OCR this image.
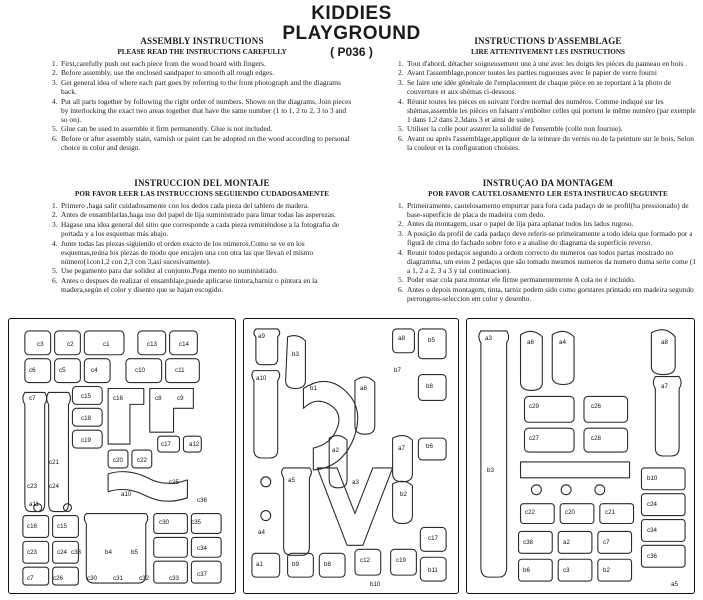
KIDDIES
PLAYGROUND
( P036 )
ASSEMBLY INSTRUCTIONS
PLEASE READ THE INSTRUCTIONS CAREFULLY
First,carefully push out each piece from the wood board with fingers.
Before assembly, use the enclosed sandpaper to smooth all rough edges.
Get general idea of where each part goes by referring to the front photograph and the diagrams back.
Put all parts together by following the right order of numbers. Shown on the diagrams, Join pieces by interlocking the exact two areas together that have the same number (1 to 1, 2 to 2, 3 to 3 and so on).
Glue can be used to assemble it firm permanently. Glue is not included.
Before or after assembly stain, varnish or paint can be adopted on the wood according to personal choice in color and design.
INSTRUCCION DEL MONTAJE
POR FAVOR LEER LAS INSTRUCCIONS SEGUIENDO CUDADOSAMENTE
Primero ,haga salir cuidadosamente con los dedos cada pieza del tablero de madera.
Antes de ensamblarlas,haga uso del papel de lija suministrado para limar todas las asperezas.
Hagase una idea general del sitio que corresponde a cada pieza remitiéndose a la fotografia de portada y a los esquemas más abajo.
Junte todas las piezas siguiendo el orden exacto de los números.Como se ve en los esquemas,reúna los piezas de modo que encajen una con otra las que llevan el mismo número(1con1,2 con 2,3 con 3,así sucesivamente).
Use pegamento para dar solidez al conjunto.Pega mento no suministrado.
Antes o despues de realizar el ensamblaje,puede aplicarse tintura,barniz o pintura en la madera,según el color y disento que se hajan escogido.
INSTRUCTIONS D'ASSEMBLAGE
LIRE ATTENTIVEMENT LES INSTRUCTIONS
Tout d'abord, détacher soigneusement une à une avec les doigts les pièces du panneau en bois .
Avant l'assemblage,poncer toutes les parties rugueuses avec le papier de verre fourni
Se faire une idée générale de l'emplacement de chaque pièce en se reportant à la photo de couverture et aux shémas ci-dessous.
Réunir toutes les pièces en suivant l'ordre normal des numéros. Comme indiqué sur les shémas,assemble les pièces en faisant s'emboîter celles qui portent le même numéro (par exemple 1 dans 1,2 dans 2,3dans 3 et ainsi de suite).
Utiliser la colle pour assurer la solidité de l'ensemble (colle non fournie).
Avant ou après l'assemblage,appliquer de la teinture du vernis ou de la peinture sur le bois, Selon la couleur et la configuration choisies.
INSTRUÇAO DA MONTAGEM
POR FAVOR CAUTELOSAMENTO LER ESTA INSTRUCAO SEGUINTE
Primeiramente, cautelosamento empurrar para fora cada padaço de se profil(ha pressionado) de base-superficie de placa de madeira com dedo.
Antes da montagem, usar o papel de lija para aplanar todos lus lados rugoso.
A posição da profil de cada padaço deve referir-se primeiramente a todo ideia que formado por a figurã de cima do fachado sobre foto e a analise do diagrama da superficie reverso.
Reunir todos pedaços segundo a ordem correcto do numeros oas todos partas mostrado no diagramma, um estos 2 pedaços que são tomado mesmos numeros da numero duma serie come (1 a 1, 2 a 2, 3 a 3 y tal continuacion).
Poder usar cola para montar ele firme permanentemente A cola no é incluido.
Antes o depois montagem, tinta, tarniz podem sido como gorstares printado em madeira segundo perrongens-seleccion em color y desenho.
c3	c2	c1	c13	c14
c6	c5	c4	c10	c11
c7	c15
c18
c19
c16	c8 c9
c20 c22
c21
c17	a12
c24
c23
a11
a10
c25
c16	c15
c35
c30
c23	c24 c38	b4	b5
c34
c7	c26	c30	c31	c32	c33
c37
c36
a9	a8	b5
b3
b7
a10
b1	a6	b8
a2
a5	a3
b6
a7
b2
a4
a1	b9	b8
c12	c19
c17
b11
b10
a3
a6	a4	a8
a7
c29	c26
c27	c28
c22	c20	c21
b3
b10
c24
c34
c36
c38	a2	c7
b6	c3	b2
a5
